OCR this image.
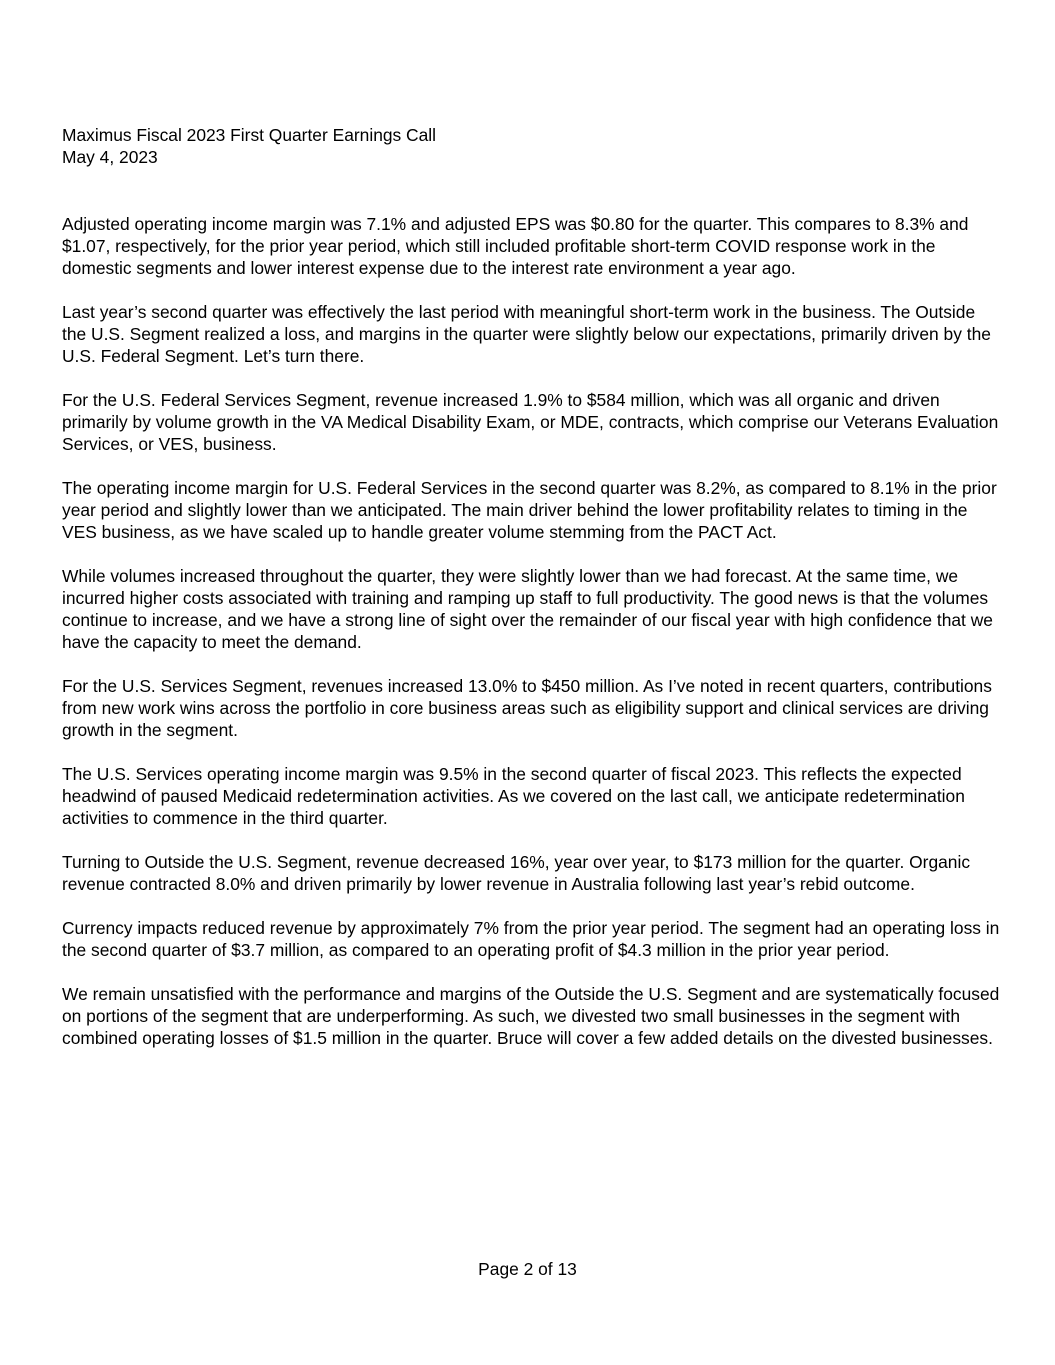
Maximus Fiscal 2023 First Quarter Earnings Call
May 4, 2023

Adjusted operating income margin was 7.1% and adjusted EPS was $0.80 for the quarter. This compares to 8.3% and $1.07, respectively, for the prior year period, which still included profitable short-term COVID response work in the domestic segments and lower interest expense due to the interest rate environment a year ago.

Last year’s second quarter was effectively the last period with meaningful short-term work in the business. The Outside the U.S. Segment realized a loss, and margins in the quarter were slightly below our expectations, primarily driven by the U.S. Federal Segment. Let’s turn there.

For the U.S. Federal Services Segment, revenue increased 1.9% to $584 million, which was all organic and driven primarily by volume growth in the VA Medical Disability Exam, or MDE, contracts, which comprise our Veterans Evaluation Services, or VES, business.

The operating income margin for U.S. Federal Services in the second quarter was 8.2%, as compared to 8.1% in the prior year period and slightly lower than we anticipated. The main driver behind the lower profitability relates to timing in the VES business, as we have scaled up to handle greater volume stemming from the PACT Act.

While volumes increased throughout the quarter, they were slightly lower than we had forecast. At the same time, we incurred higher costs associated with training and ramping up staff to full productivity. The good news is that the volumes continue to increase, and we have a strong line of sight over the remainder of our fiscal year with high confidence that we have the capacity to meet the demand.

For the U.S. Services Segment, revenues increased 13.0% to $450 million. As I’ve noted in recent quarters, contributions from new work wins across the portfolio in core business areas such as eligibility support and clinical services are driving growth in the segment.

The U.S. Services operating income margin was 9.5% in the second quarter of fiscal 2023. This reflects the expected headwind of paused Medicaid redetermination activities. As we covered on the last call, we anticipate redetermination activities to commence in the third quarter.

Turning to Outside the U.S. Segment, revenue decreased 16%, year over year, to $173 million for the quarter. Organic revenue contracted 8.0% and driven primarily by lower revenue in Australia following last year’s rebid outcome.

Currency impacts reduced revenue by approximately 7% from the prior year period. The segment had an operating loss in the second quarter of $3.7 million, as compared to an operating profit of $4.3 million in the prior year period.

We remain unsatisfied with the performance and margins of the Outside the U.S. Segment and are systematically focused on portions of the segment that are underperforming. As such, we divested two small businesses in the segment with combined operating losses of $1.5 million in the quarter. Bruce will cover a few added details on the divested businesses.

Page 2 of 13
